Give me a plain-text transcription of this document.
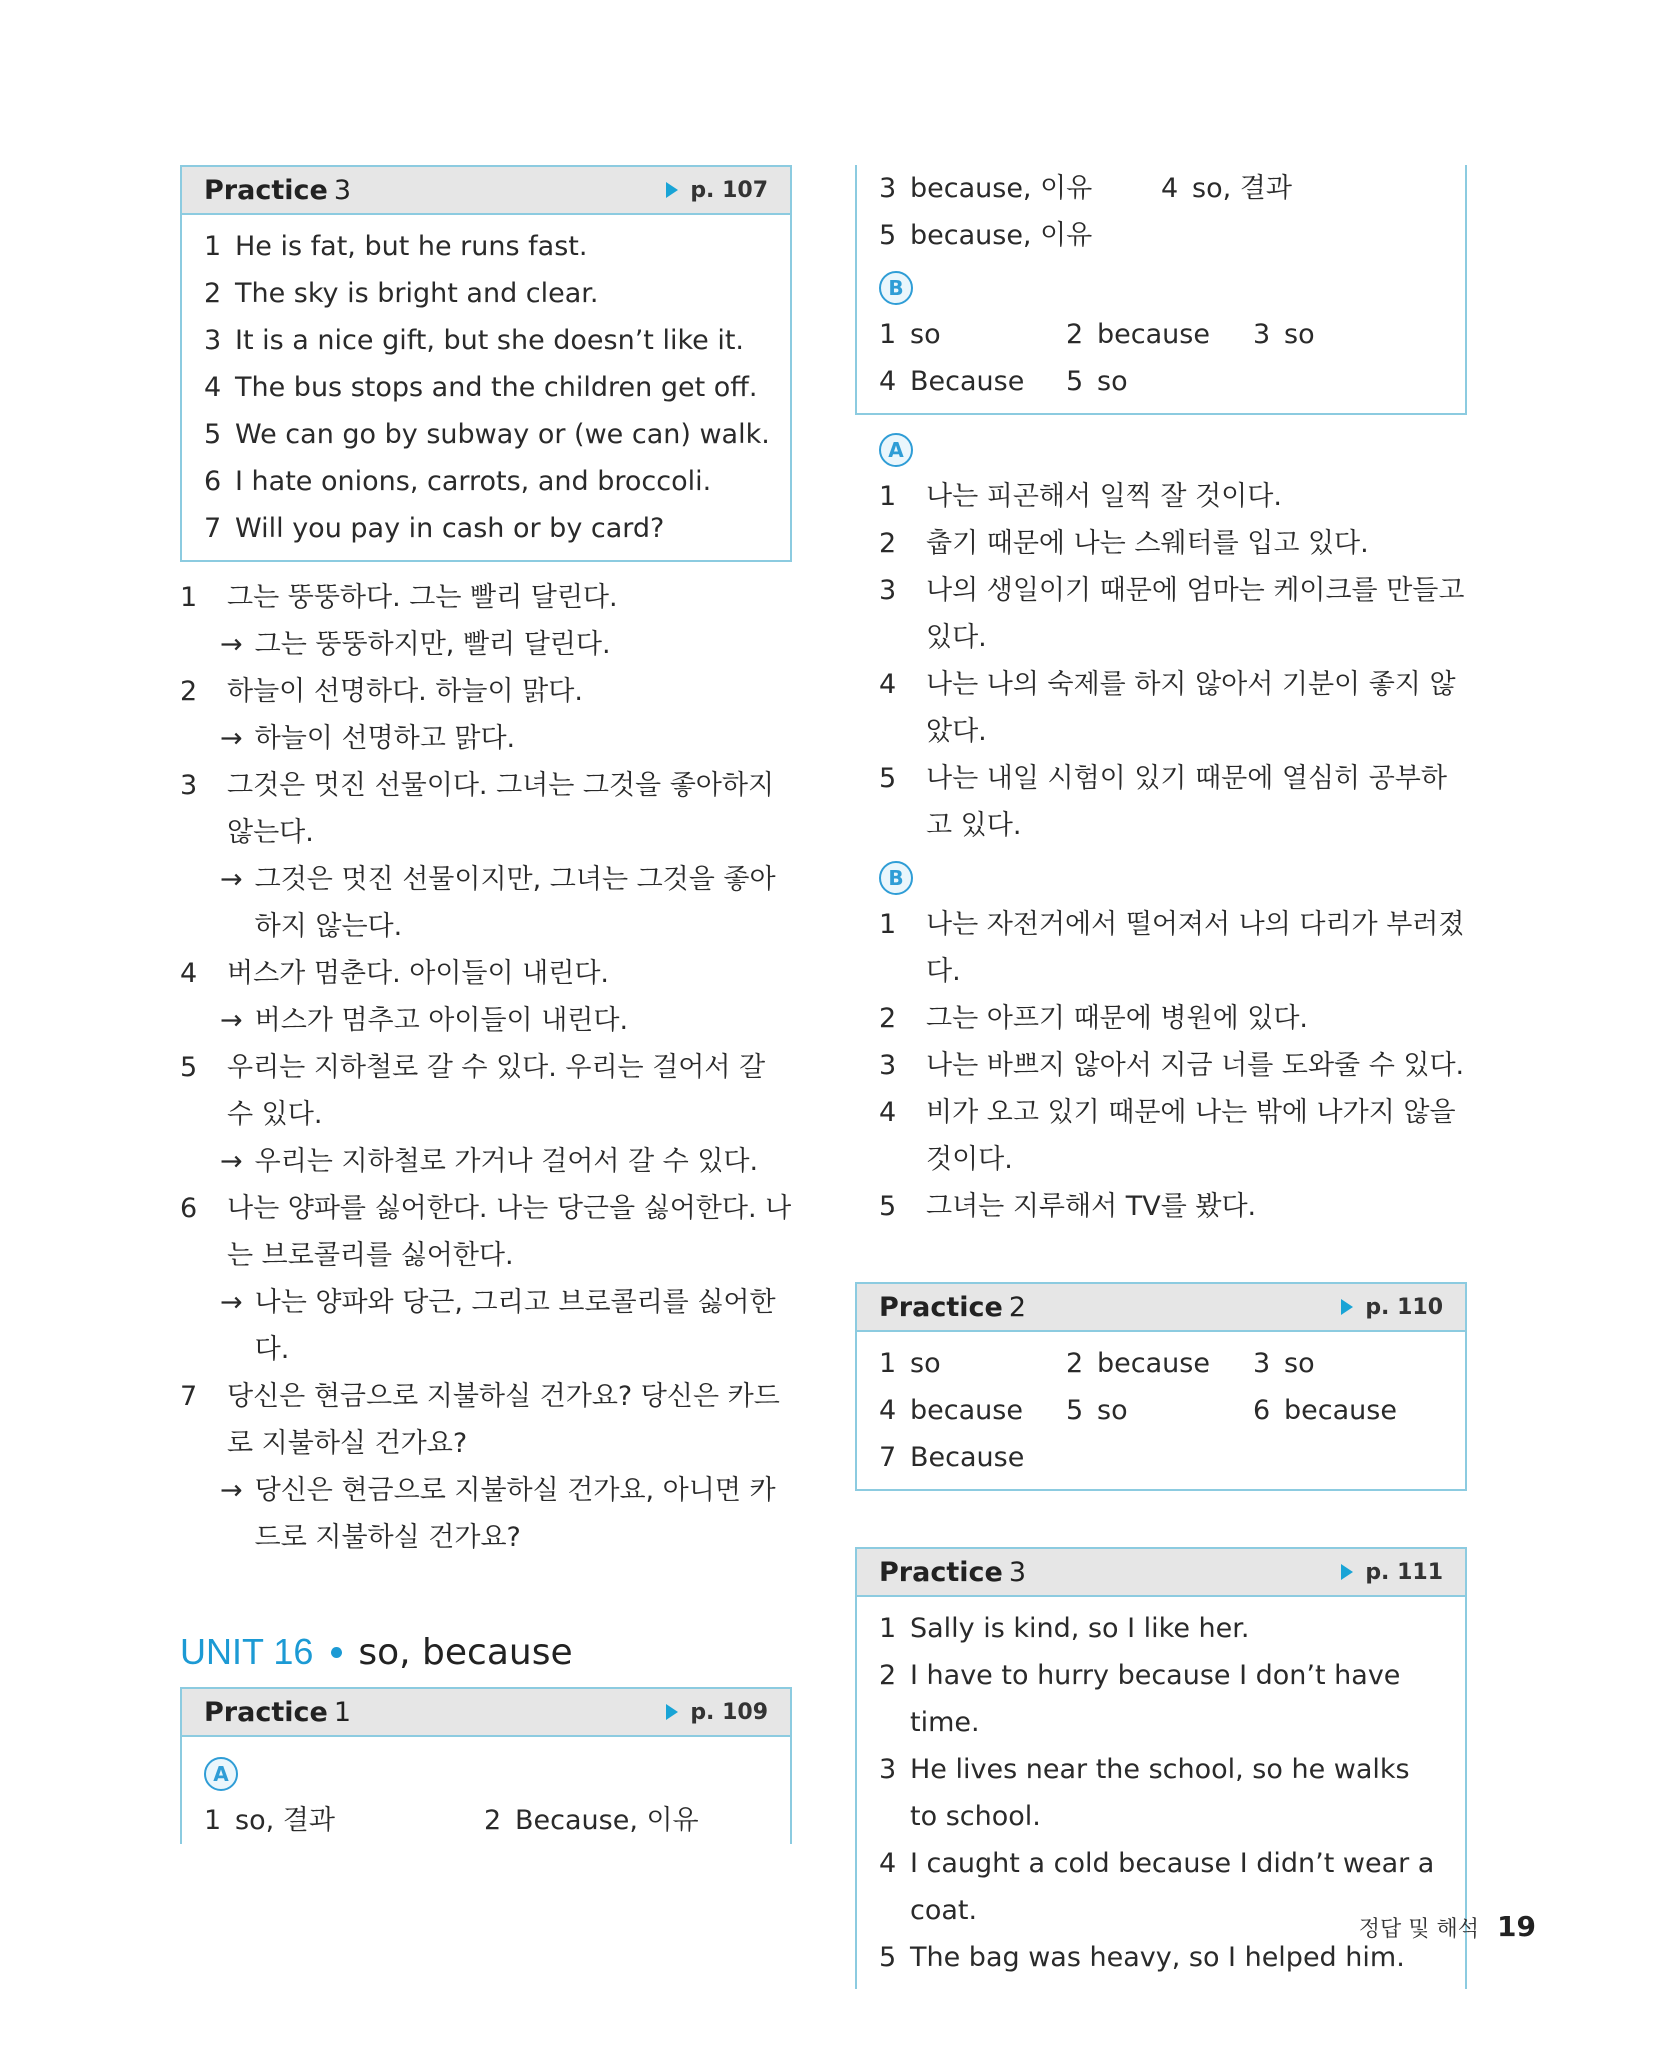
Practice 3	p. 107
1 He is fat, but he runs fast.
2 The sky is bright and clear.
3 It is a nice gift, but she doesn’t like it.
4 The bus stops and the children get off.
5 We can go by subway or (we can) walk.
6 I hate onions, carrots, and broccoli.
7 Will you pay in cash or by card?
1	그는 뚱뚱하다. 그는 빨리 달린다.
→ 그는 뚱뚱하지만, 빨리 달린다.
2	하늘이 선명하다. 하늘이 맑다.
→ 하늘이 선명하고 맑다.
3	그것은 멋진 선물이다. 그녀는 그것을 좋아하지 않는다.
→ 그것은 멋진 선물이지만, 그녀는 그것을 좋아하지 않는다.
4	버스가 멈춘다. 아이들이 내린다.
→ 버스가 멈추고 아이들이 내린다.
5	우리는 지하철로 갈 수 있다. 우리는 걸어서 갈 수 있다.
→ 우리는 지하철로 가거나 걸어서 갈 수 있다.
6	나는 양파를 싫어한다. 나는 당근을 싫어한다. 나는 브로콜리를 싫어한다.
→ 나는 양파와 당근, 그리고 브로콜리를 싫어한다.
7	당신은 현금으로 지불하실 건가요? 당신은 카드로 지불하실 건가요?
→ 당신은 현금으로 지불하실 건가요, 아니면 카드로 지불하실 건가요?
UNIT 16 so, because
Practice 1	p. 109
A
1 so, 결과	2 Because, 이유
3 because, 이유	4 so, 결과
5 because, 이유
B
1 so	2 because	3 so
4 Because	5 so
A
1	나는 피곤해서 일찍 잘 것이다.
2	춥기 때문에 나는 스웨터를 입고 있다.
3	나의 생일이기 때문에 엄마는 케이크를 만들고 있다.
4	나는 나의 숙제를 하지 않아서 기분이 좋지 않았다.
5	나는 내일 시험이 있기 때문에 열심히 공부하고 있다.
B
1	나는 자전거에서 떨어져서 나의 다리가 부러졌다.
2	그는 아프기 때문에 병원에 있다.
3	나는 바쁘지 않아서 지금 너를 도와줄 수 있다.
4	비가 오고 있기 때문에 나는 밖에 나가지 않을 것이다.
5	그녀는 지루해서 TV를 봤다.
Practice 2	p. 110
1 so	2 because	3 so
4 because	5 so	6 because
7 Because
Practice 3	p. 111
1 Sally is kind, so I like her.
2 I have to hurry because I don’t have time.
3 He lives near the school, so he walks to school.
4 I caught a cold because I didn’t wear a coat.
5 The bag was heavy, so I helped him.
정답 및 해석 19
